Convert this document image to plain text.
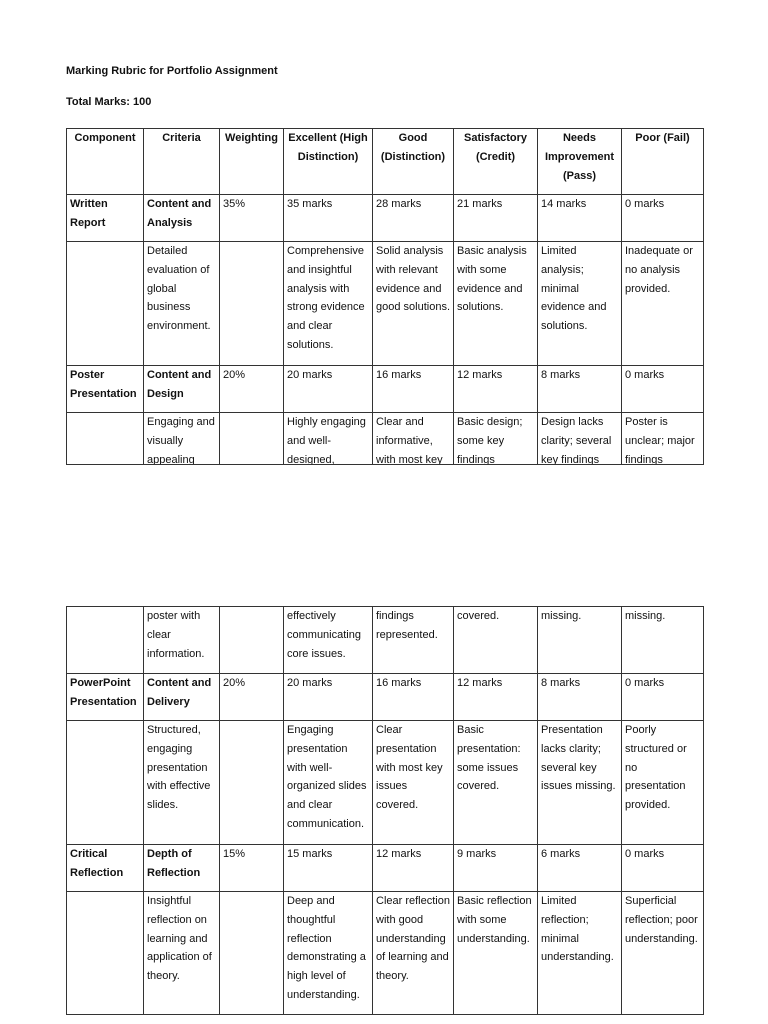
Marking Rubric for Portfolio Assignment
Total Marks: 100
Component	Criteria	Weighting	Excellent (High Distinction)	Good (Distinction)	Satisfactory (Credit)	Needs Improvement (Pass)	Poor (Fail)
Written Report	Content and Analysis	35%	35 marks	28 marks	21 marks	14 marks	0 marks
	Detailed evaluation of global business environment.		Comprehensive and insightful analysis with strong evidence and clear solutions.	Solid analysis with relevant evidence and good solutions.	Basic analysis with some evidence and solutions.	Limited analysis; minimal evidence and solutions.	Inadequate or no analysis provided.
Poster Presentation	Content and Design	20%	20 marks	16 marks	12 marks	8 marks	0 marks

	Engaging and visually appealing		Highly engaging and well-designed,	Clear and informative, with most key	Basic design; some key findings	Design lacks clarity; several key findings	Poster is unclear; major findings
	poster with clear information.		effectively communicating core issues.	findings represented.	covered.	missing.	missing.
PowerPoint Presentation	Content and Delivery	20%	20 marks	16 marks	12 marks	8 marks	0 marks
	Structured, engaging presentation with effective slides.		Engaging presentation with well-organized slides and clear communication.	Clear presentation with most key issues covered.	Basic presentation: some issues covered.	Presentation lacks clarity; several key issues missing.	Poorly structured or no presentation provided.
Critical Reflection	Depth of Reflection	15%	15 marks	12 marks	9 marks	6 marks	0 marks
	Insightful reflection on learning and application of theory.		Deep and thoughtful reflection demonstrating a high level of understanding.	Clear reflection with good understanding of learning and theory.	Basic reflection with some understanding.	Limited reflection; minimal understanding.	Superficial reflection; poor understanding.
